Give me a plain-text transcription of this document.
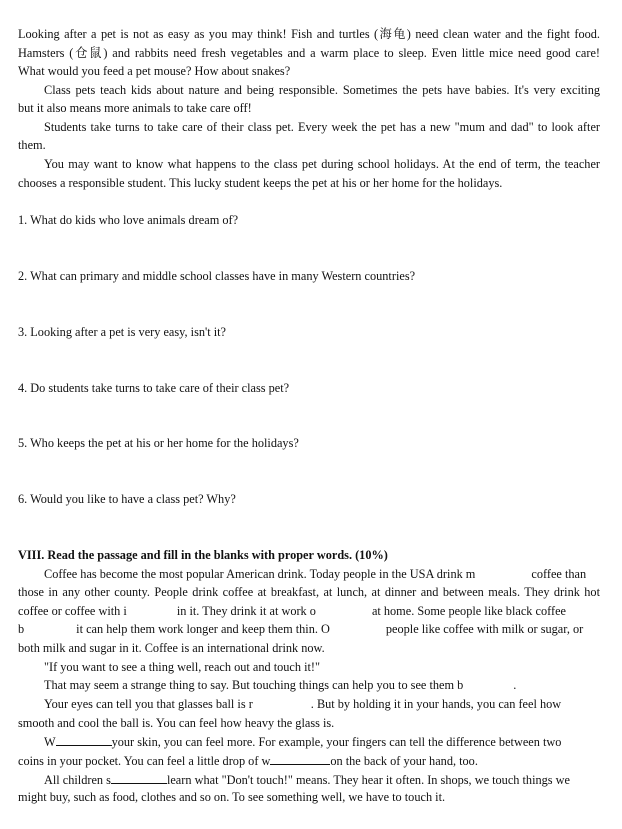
Looking after a pet is not as easy as you may think! Fish and turtles (海龟) need clean water and the fight food.
Hamsters (仓鼠) and rabbits need fresh vegetables and a warm place to sleep. Even little mice need good care!
What would you feed a pet mouse? How about snakes?
Class pets teach kids about nature and being responsible. Sometimes the pets have babies. It's very exciting
but it also means more animals to take care off!
Students take turns to take care of their class pet. Every week the pet has a new "mum and dad" to look after
them.
You may want to know what happens to the class pet during school holidays. At the end of term, the teacher
chooses a responsible student. This lucky student keeps the pet at his or her home for the holidays.
1. What do kids who love animals dream of?
2. What can primary and middle school classes have in many Western countries?
3. Looking after a pet is very easy, isn't it?
4. Do students take turns to take care of their class pet?
5. Who keeps the pet at his or her home for the holidays?
6. Would you like to have a class pet? Why?
VIII. Read the passage and fill in the blanks with proper words. (10%)
Coffee has become the most popular American drink. Today people in the USA drink m	coffee than
those in any other county. People drink coffee at breakfast, at lunch, at dinner and between meals. They drink hot
coffee or coffee with i	in it. They drink it at work o	at home. Some people like black coffee
b	it can help them work longer and keep them thin. O	people like coffee with milk or sugar, or
both milk and sugar in it. Coffee is an international drink now.
"If you want to see a thing well, reach out and touch it!"
That may seem a strange thing to say. But touching things can help you to see them b	.
Your eyes can tell you that glasses ball is r	. But by holding it in your hands, you can feel how
smooth and cool the ball is. You can feel how heavy the glass is.
W	your skin, you can feel more. For example, your fingers can tell the difference between two
coins in your pocket. You can feel a little drop of w	on the back of your hand, too.
All children s	learn what "Don't touch!" means. They hear it often. In shops, we touch things we
might buy, such as food, clothes and so on. To see something well, we have to touch it.
